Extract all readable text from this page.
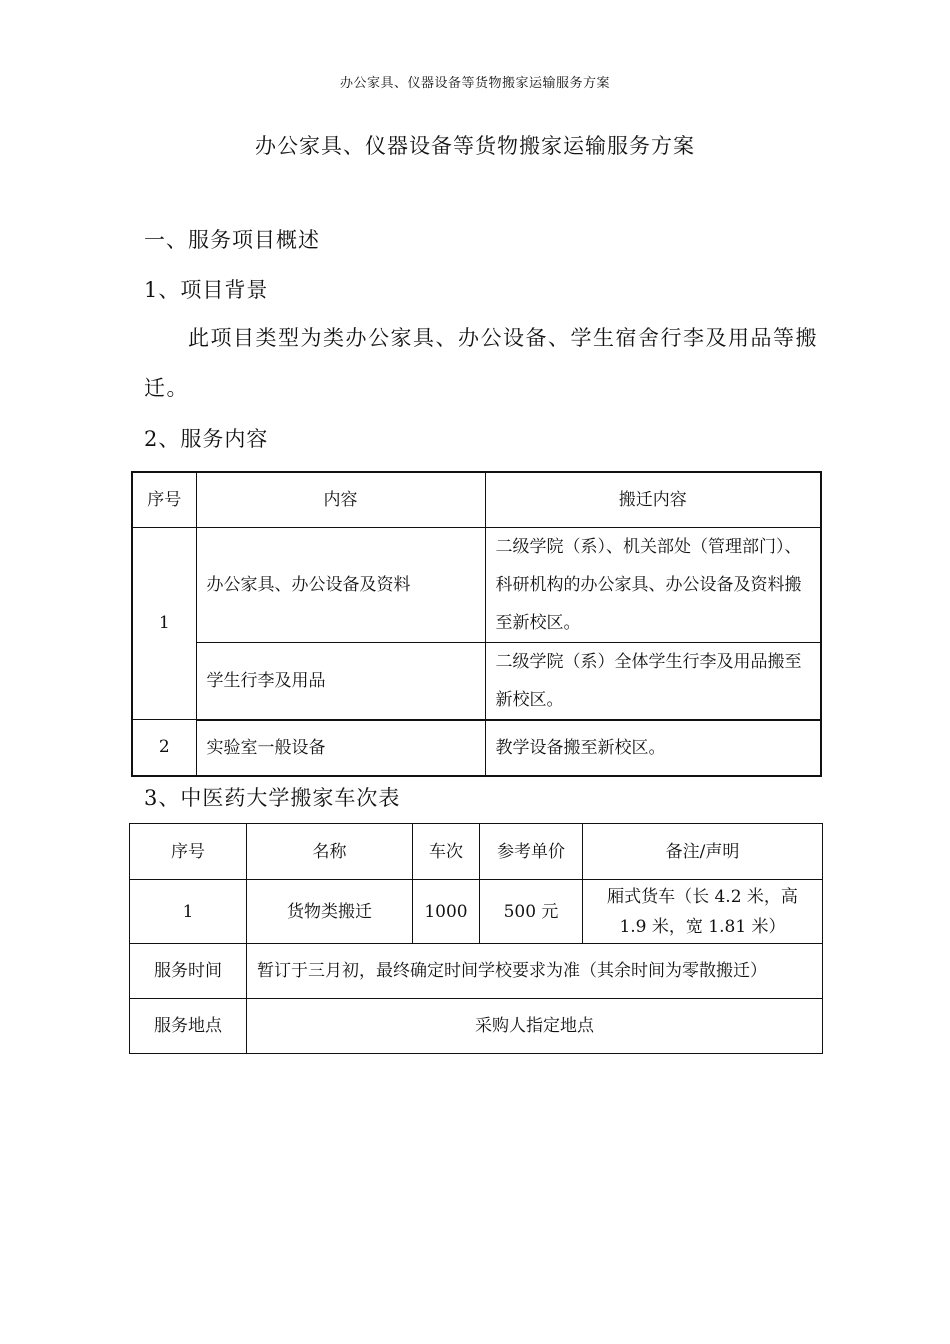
办公家具、仪器设备等货物搬家运输服务方案
办公家具、仪器设备等货物搬家运输服务方案
一、服务项目概述
1、项目背景
此项目类型为类办公家具、办公设备、学生宿舍行李及用品等搬迁。
2、服务内容
序号	内容	搬迁内容
1	办公家具、办公设备及资料	二级学院（系）、机关部处（管理部门）、科研机构的办公家具、办公设备及资料搬至新校区。
	学生行李及用品	二级学院（系）全体学生行李及用品搬至新校区。
2	实验室一般设备	教学设备搬至新校区。
3、中医药大学搬家车次表
序号	名称	车次	参考单价	备注/声明
1	货物类搬迁	1000	500 元	厢式货车（长 4.2 米，高 1.9 米，宽 1.81 米）
服务时间	暂订于三月初，最终确定时间学校要求为准（其余时间为零散搬迁）			
服务地点	采购人指定地点			
